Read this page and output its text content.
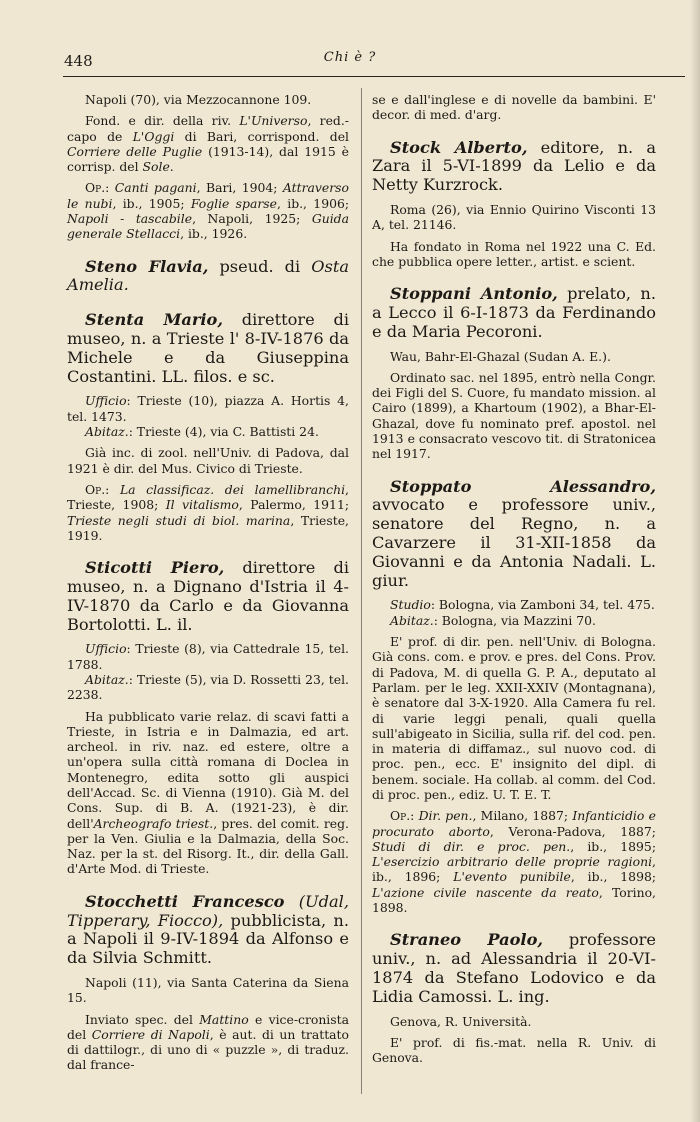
448	Chi è ?

Napoli (70), via Mezzocannone 109.

Fond. e dir. della riv. L'Universo, red.-capo de L'Oggi di Bari, corrispond. del Corriere delle Puglie (1913-14), dal 1915 è corrisp. del Sole.

Op.: Canti pagani, Bari, 1904; Attraverso le nubi, ib., 1905; Foglie sparse, ib., 1906; Napoli - tascabile, Napoli, 1925; Guida generale Stellacci, ib., 1926.

Steno Flavia, pseud. di Osta Amelia.
Stenta Mario, direttore di museo, n. a Trieste l' 8-IV-1876 da Michele e da Giuseppina Costantini. LL. filos. e sc.

Ufficio: Trieste (10), piazza A. Hortis 4, tel. 1473.

Abitaz.: Trieste (4), via C. Battisti 24.

Già inc. di zool. nell'Univ. di Padova, dal 1921 è dir. del Mus. Civico di Trieste.

Op.: La classificaz. dei lamellibranchi, Trieste, 1908; Il vitalismo, Palermo, 1911; Trieste negli studi di biol. marina, Trieste, 1919.

Sticotti Piero, direttore di museo, n. a Dignano d'Istria il 4-IV-1870 da Carlo e da Giovanna Bortolotti. L. il.

Ufficio: Trieste (8), via Cattedrale 15, tel. 1788.

Abitaz.: Trieste (5), via D. Rossetti 23, tel. 2238.

Ha pubblicato varie relaz. di scavi fatti a Trieste, in Istria e in Dalmazia, ed art. archeol. in riv. naz. ed estere, oltre a un'opera sulla città romana di Doclea in Montenegro, edita sotto gli auspici dell'Accad. Sc. di Vienna (1910). Già M. del Cons. Sup. di B. A. (1921-23), è dir. dell'Archeografo triest., pres. del comit. reg. per la Ven. Giulia e la Dalmazia, della Soc. Naz. per la st. del Risorg. It., dir. della Gall. d'Arte Mod. di Trieste.

Stocchetti Francesco (Udal, Tipperary, Fiocco), pubblicista, n. a Napoli il 9-IV-1894 da Alfonso e da Silvia Schmitt.

Napoli (11), via Santa Caterina da Siena 15.

Inviato spec. del Mattino e vice-cronista del Corriere di Napoli, è aut. di un trattato di dattilogr., di uno di « puzzle », di traduz. dal france-

se e dall'inglese e di novelle da bambini. E' decor. di med. d'arg.

Stock Alberto, editore, n. a Zara il 5-VI-1899 da Lelio e da Netty Kurzrock.

Roma (26), via Ennio Quirino Visconti 13 A, tel. 21146.

Ha fondato in Roma nel 1922 una C. Ed. che pubblica opere letter., artist. e scient.

Stoppani Antonio, prelato, n. a Lecco il 6-I-1873 da Ferdinando e da Maria Pecoroni.

Wau, Bahr-El-Ghazal (Sudan A. E.).

Ordinato sac. nel 1895, entrò nella Congr. dei Figli del S. Cuore, fu mandato mission. al Cairo (1899), a Khartoum (1902), a Bhar-El-Ghazal, dove fu nominato pref. apostol. nel 1913 e consacrato vescovo tit. di Stratonicea nel 1917.

Stoppato Alessandro, avvocato e professore univ., senatore del Regno, n. a Cavarzere il 31-XII-1858 da Giovanni e da Antonia Nadali. L. giur.

Studio: Bologna, via Zamboni 34, tel. 475.

Abitaz.: Bologna, via Mazzini 70.

E' prof. di dir. pen. nell'Univ. di Bologna. Già cons. com. e prov. e pres. del Cons. Prov. di Padova, M. di quella G. P. A., deputato al Parlam. per le leg. XXII-XXIV (Montagnana), è senatore dal 3-X-1920. Alla Camera fu rel. di varie leggi penali, quali quella sull'abigeato in Sicilia, sulla rif. del cod. pen. in materia di diffamaz., sul nuovo cod. di proc. pen., ecc. E' insignito del dipl. di benem. sociale. Ha collab. al comm. del Cod. di proc. pen., ediz. U. T. E. T.

Op.: Dir. pen., Milano, 1887; Infanticidio e procurato aborto, Verona-Padova, 1887; Studi di dir. e proc. pen., ib., 1895; L'esercizio arbitrario delle proprie ragioni, ib., 1896; L'evento punibile, ib., 1898; L'azione civile nascente da reato, Torino, 1898.

Straneo Paolo, professore univ., n. ad Alessandria il 20-VI-1874 da Stefano Lodovico e da Lidia Camossi. L. ing.

Genova, R. Università.

E' prof. di fis.-mat. nella R. Univ. di Genova.
